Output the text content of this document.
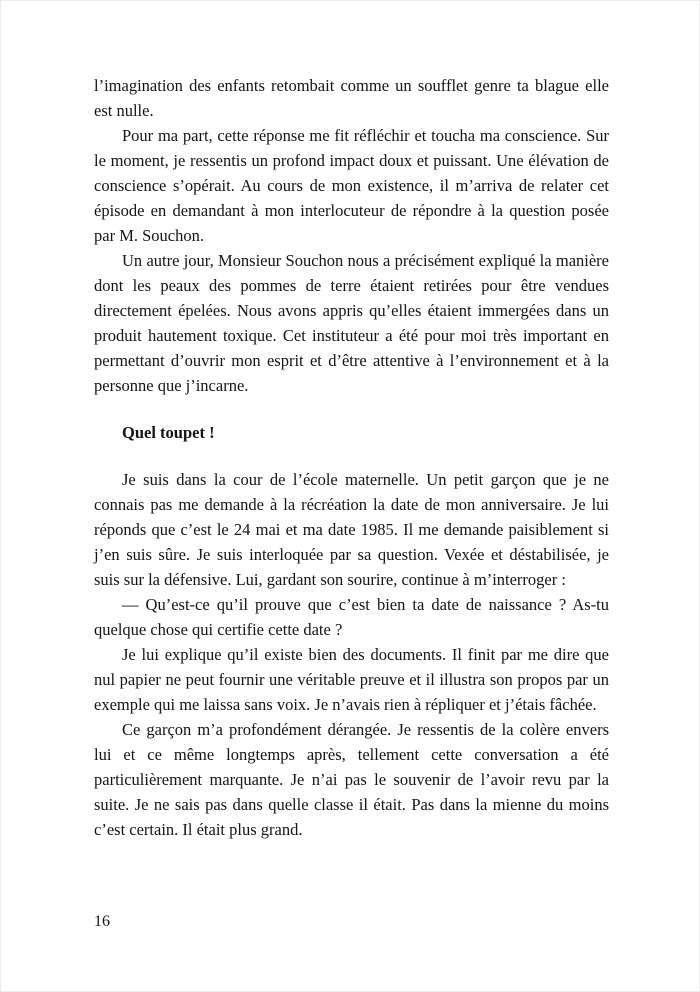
l’imagination des enfants retombait comme un soufflet genre ta blague elle est nulle.

Pour ma part, cette réponse me fit réfléchir et toucha ma conscience. Sur le moment, je ressentis un profond impact doux et puissant. Une élévation de conscience s’opérait. Au cours de mon existence, il m’arriva de relater cet épisode en demandant à mon interlocuteur de répondre à la question posée par M. Souchon.

Un autre jour, Monsieur Souchon nous a précisément expliqué la manière dont les peaux des pommes de terre étaient retirées pour être vendues directement épelées. Nous avons appris qu’elles étaient immergées dans un produit hautement toxique. Cet instituteur a été pour moi très important en permettant d’ouvrir mon esprit et d’être attentive à l’environnement et à la personne que j’incarne.

Quel toupet !

Je suis dans la cour de l’école maternelle. Un petit garçon que je ne connais pas me demande à la récréation la date de mon anniversaire. Je lui réponds que c’est le 24 mai et ma date 1985. Il me demande paisiblement si j’en suis sûre. Je suis interloquée par sa question. Vexée et déstabilisée, je suis sur la défensive. Lui, gardant son sourire, continue à m’interroger :

— Qu’est-ce qu’il prouve que c’est bien ta date de naissance ? As-tu quelque chose qui certifie cette date ?

Je lui explique qu’il existe bien des documents. Il finit par me dire que nul papier ne peut fournir une véritable preuve et il illustra son propos par un exemple qui me laissa sans voix. Je n’avais rien à répliquer et j’étais fâchée.

Ce garçon m’a profondément dérangée. Je ressentis de la colère envers lui et ce même longtemps après, tellement cette conversation a été particulièrement marquante. Je n’ai pas le souvenir de l’avoir revu par la suite. Je ne sais pas dans quelle classe il était. Pas dans la mienne du moins c’est certain. Il était plus grand.

16
